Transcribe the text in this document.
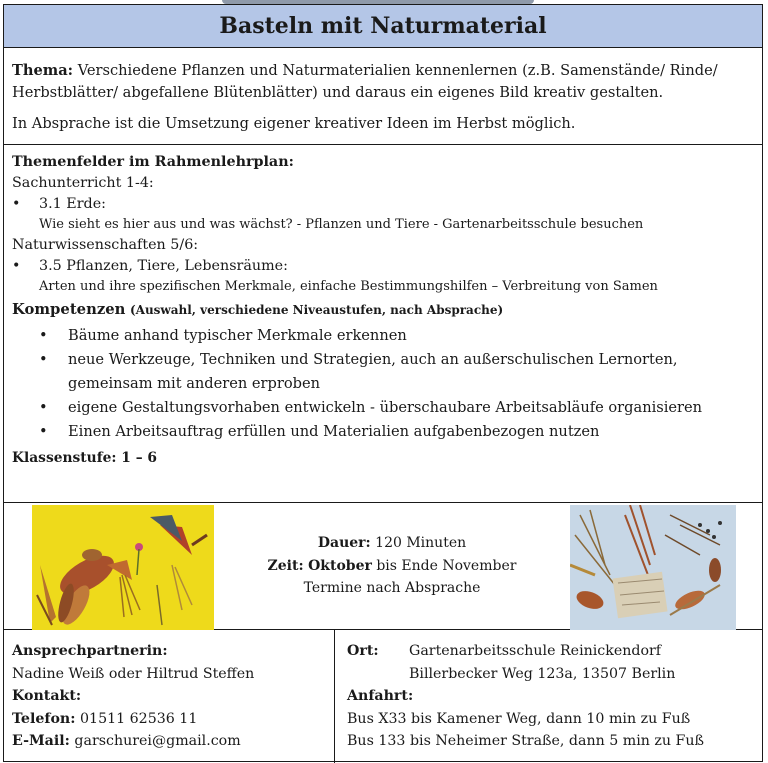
Basteln mit Naturmaterial

Thema: Verschiedene Pflanzen und Naturmaterialien kennenlernen (z.B. Samenstände/ Rinde/ Herbstblätter/ abgefallene Blütenblätter) und daraus ein eigenes Bild kreativ gestalten.

In Absprache ist die Umsetzung eigener kreativer Ideen im Herbst möglich.

Themenfelder im Rahmenlehrplan:
Sachunterricht 1-4:
•	3.1 Erde:
Wie sieht es hier aus und was wächst? - Pflanzen und Tiere - Gartenarbeitsschule besuchen
Naturwissenschaften 5/6:
•	3.5 Pflanzen, Tiere, Lebensräume:
Arten und ihre spezifischen Merkmale, einfache Bestimmungshilfen – Verbreitung von Samen
Kompetenzen (Auswahl, verschiedene Niveaustufen, nach Absprache)
•	Bäume anhand typischer Merkmale erkennen
•	neue Werkzeuge, Techniken und Strategien, auch an außerschulischen Lernorten, gemeinsam mit anderen erproben
•	eigene Gestaltungsvorhaben entwickeln - überschaubare Arbeitsabläufe organisieren
•	Einen Arbeitsauftrag erfüllen und Materialien aufgabenbezogen nutzen
Klassenstufe: 1 – 6
Dauer: 120 Minuten
Zeit: Oktober bis Ende November
Termine nach Absprache
Ansprechpartnerin:
Nadine Weiß oder Hiltrud Steffen
Kontakt:
Telefon: 01511 62536 11
E-Mail: garschurei@gmail.com
Ort:	Gartenarbeitsschule Reinickendorf
Billerbecker Weg 123a, 13507 Berlin
Anfahrt:
Bus X33 bis Kamener Weg, dann 10 min zu Fuß
Bus 133 bis Neheimer Straße, dann 5 min zu Fuß
